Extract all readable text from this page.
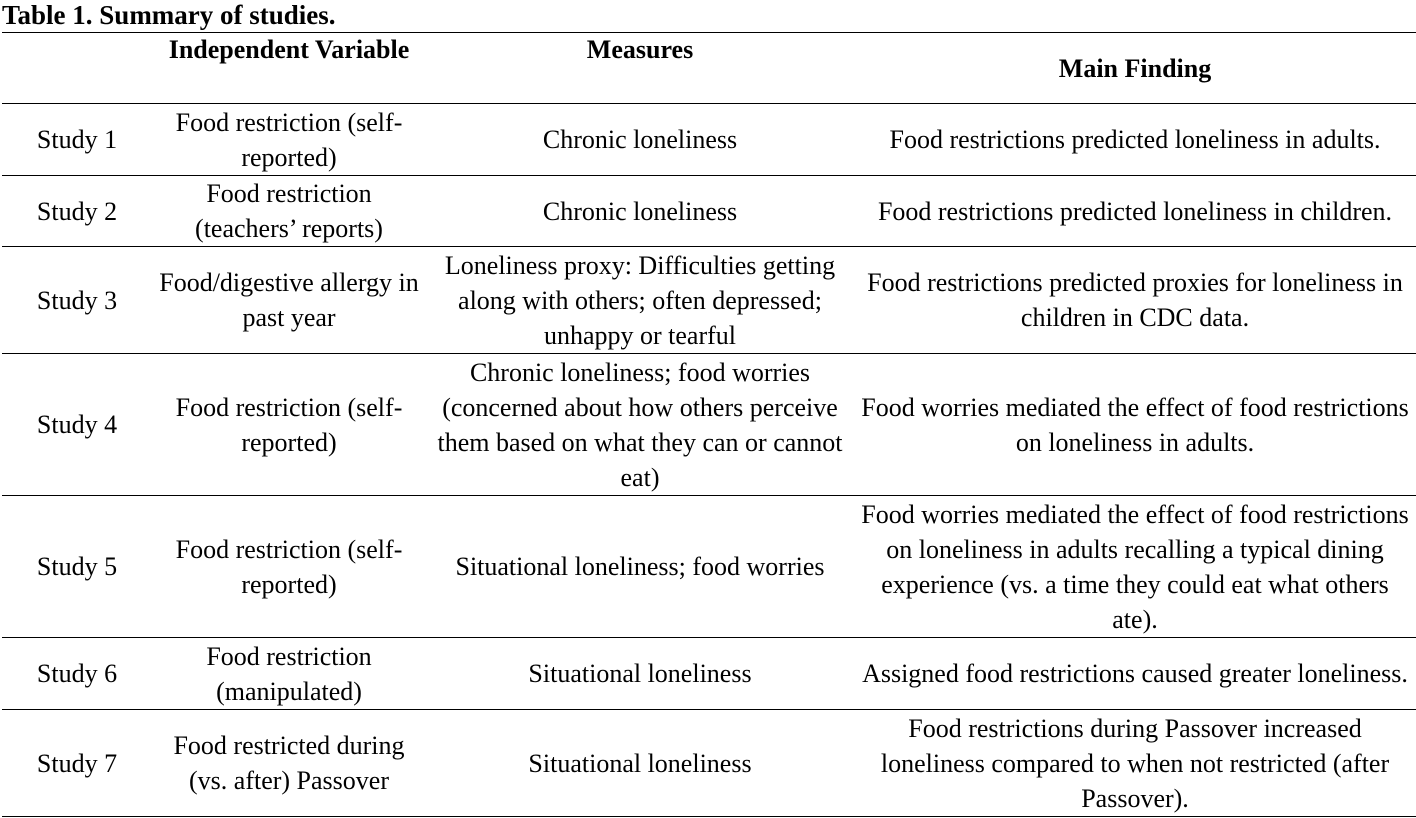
Table 1. Summary of studies.
	Independent Variable	Measures	Main Finding
Study 1	Food restriction (self-reported)	Chronic loneliness	Food restrictions predicted loneliness in adults.
Study 2	Food restriction (teachers’ reports)	Chronic loneliness	Food restrictions predicted loneliness in children.
Study 3	Food/digestive allergy in past year	Loneliness proxy: Difficulties getting along with others; often depressed; unhappy or tearful	Food restrictions predicted proxies for loneliness in children in CDC data.
Study 4	Food restriction (self-reported)	Chronic loneliness; food worries (concerned about how others perceive them based on what they can or cannot eat)	Food worries mediated the effect of food restrictions on loneliness in adults.
Study 5	Food restriction (self-reported)	Situational loneliness; food worries	Food worries mediated the effect of food restrictions on loneliness in adults recalling a typical dining experience (vs. a time they could eat what others ate).
Study 6	Food restriction (manipulated)	Situational loneliness	Assigned food restrictions caused greater loneliness.
Study 7	Food restricted during (vs. after) Passover	Situational loneliness	Food restrictions during Passover increased loneliness compared to when not restricted (after Passover).
